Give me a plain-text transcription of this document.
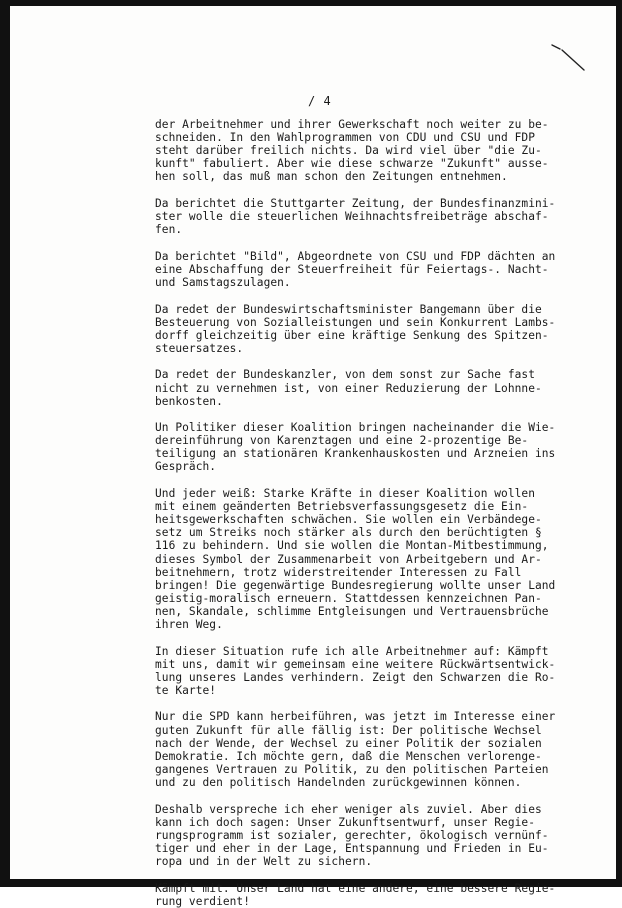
/ 4

der Arbeitnehmer und ihrer Gewerkschaft noch weiter zu be-
schneiden. In den Wahlprogrammen von CDU und CSU und FDP
steht darüber freilich nichts. Da wird viel über "die Zu-
kunft" fabuliert. Aber wie diese schwarze "Zukunft" ausse-
hen soll, das muß man schon den Zeitungen entnehmen.

Da berichtet die Stuttgarter Zeitung, der Bundesfinanzmini-
ster wolle die steuerlichen Weihnachtsfreibeträge abschaf-
fen.

Da berichtet "Bild", Abgeordnete von CSU und FDP dächten an
eine Abschaffung der Steuerfreiheit für Feiertags-. Nacht-
und Samstagszulagen.

Da redet der Bundeswirtschaftsminister Bangemann über die
Besteuerung von Sozialleistungen und sein Konkurrent Lambs-
dorff gleichzeitig über eine kräftige Senkung des Spitzen-
steuersatzes.

Da redet der Bundeskanzler, von dem sonst zur Sache fast
nicht zu vernehmen ist, von einer Reduzierung der Lohnne-
benkosten.

Un Politiker dieser Koalition bringen nacheinander die Wie-
dereinführung von Karenztagen und eine 2-prozentige Be-
teiligung an stationären Krankenhauskosten und Arzneien ins
Gespräch.

Und jeder weiß: Starke Kräfte in dieser Koalition wollen
mit einem geänderten Betriebsverfassungsgesetz die Ein-
heitsgewerkschaften schwächen. Sie wollen ein Verbändege-
setz um Streiks noch stärker als durch den berüchtigten §
116 zu behindern. Und sie wollen die Montan-Mitbestimmung,
dieses Symbol der Zusammenarbeit von Arbeitgebern und Ar-
beitnehmern, trotz widerstreitender Interessen zu Fall
bringen! Die gegenwärtige Bundesregierung wollte unser Land
geistig-moralisch erneuern. Stattdessen kennzeichnen Pan-
nen, Skandale, schlimme Entgleisungen und Vertrauensbrüche
ihren Weg.

In dieser Situation rufe ich alle Arbeitnehmer auf: Kämpft
mit uns, damit wir gemeinsam eine weitere Rückwärtsentwick-
lung unseres Landes verhindern. Zeigt den Schwarzen die Ro-
te Karte!

Nur die SPD kann herbeiführen, was jetzt im Interesse einer
guten Zukunft für alle fällig ist: Der politische Wechsel
nach der Wende, der Wechsel zu einer Politik der sozialen
Demokratie. Ich möchte gern, daß die Menschen verlorenge-
gangenes Vertrauen zu Politik, zu den politischen Parteien
und zu den politisch Handelnden zurückgewinnen können.

Deshalb verspreche ich eher weniger als zuviel. Aber dies
kann ich doch sagen: Unser Zukunftsentwurf, unser Regie-
rungsprogramm ist sozialer, gerechter, ökologisch vernünf-
tiger und eher in der Lage, Entspannung und Frieden in Eu-
ropa und in der Welt zu sichern.

Kämpft mit. Unser Land hat eine andere, eine bessere Regie-
rung verdient!
